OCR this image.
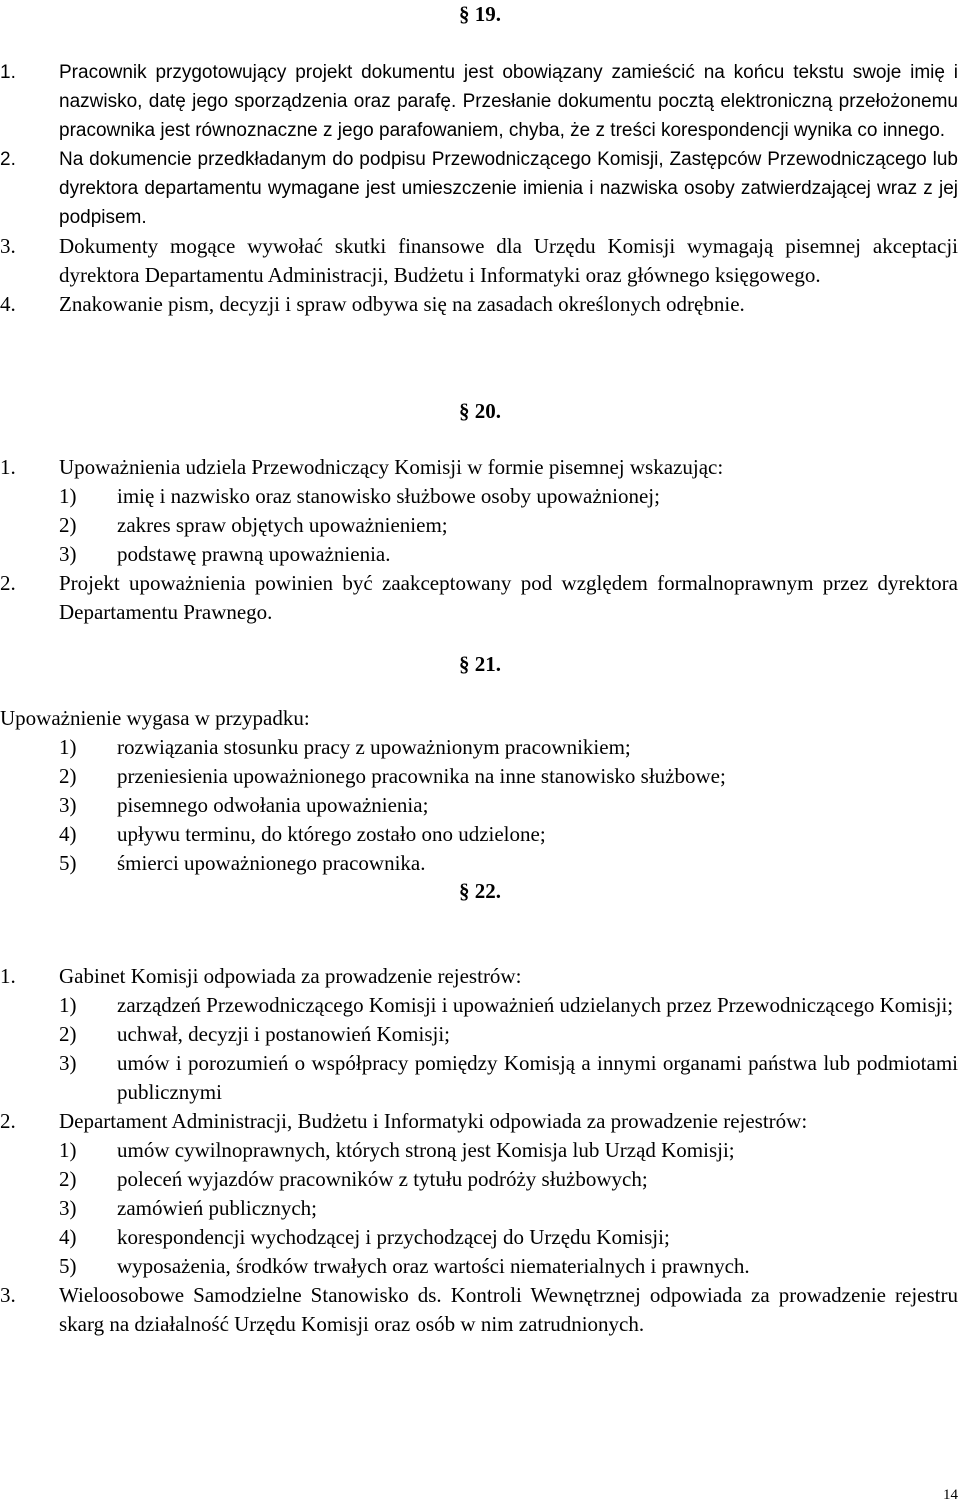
§ 19.
1. Pracownik przygotowujący projekt dokumentu jest obowiązany zamieścić na końcu tekstu swoje imię i nazwisko, datę jego sporządzenia oraz parafę. Przesłanie dokumentu pocztą elektroniczną przełożonemu pracownika jest równoznaczne z jego parafowaniem, chyba, że z treści korespondencji wynika co innego.
2. Na dokumencie przedkładanym do podpisu Przewodniczącego Komisji, Zastępców Przewodniczącego lub dyrektora departamentu wymagane jest umieszczenie imienia i nazwiska osoby zatwierdzającej wraz z jej podpisem.
3. Dokumenty mogące wywołać skutki finansowe dla Urzędu Komisji wymagają pisemnej akceptacji dyrektora Departamentu Administracji, Budżetu i Informatyki oraz głównego księgowego.
4. Znakowanie pism, decyzji i spraw odbywa się na zasadach określonych odrębnie.
§ 20.
1. Upoważnienia udziela Przewodniczący Komisji w formie pisemnej wskazując:
1) imię i nazwisko oraz stanowisko służbowe osoby upoważnionej;
2) zakres spraw objętych upoważnieniem;
3) podstawę prawną upoważnienia.
2. Projekt upoważnienia powinien być zaakceptowany pod względem formalnoprawnym przez dyrektora Departamentu Prawnego.
§ 21.
Upoważnienie wygasa w przypadku:
1) rozwiązania stosunku pracy z upoważnionym pracownikiem;
2) przeniesienia upoważnionego pracownika na inne stanowisko służbowe;
3) pisemnego odwołania upoważnienia;
4) upływu terminu, do którego zostało ono udzielone;
5) śmierci upoważnionego pracownika.
§ 22.
1. Gabinet Komisji odpowiada za prowadzenie rejestrów:
1) zarządzeń Przewodniczącego Komisji i upoważnień udzielanych przez Przewodniczącego Komisji;
2) uchwał, decyzji i postanowień Komisji;
3) umów i porozumień o współpracy pomiędzy Komisją a innymi organami państwa lub podmiotami publicznymi
2. Departament Administracji, Budżetu i Informatyki odpowiada za prowadzenie rejestrów:
1) umów cywilnoprawnych, których stroną jest Komisja lub Urząd Komisji;
2) poleceń wyjazdów pracowników z tytułu podróży służbowych;
3) zamówień publicznych;
4) korespondencji wychodzącej i przychodzącej do Urzędu Komisji;
5) wyposażenia, środków trwałych oraz wartości niematerialnych i prawnych.
3. Wieloosobowe Samodzielne Stanowisko ds. Kontroli Wewnętrznej odpowiada za prowadzenie rejestru skarg na działalność Urzędu Komisji oraz osób w nim zatrudnionych.
14
